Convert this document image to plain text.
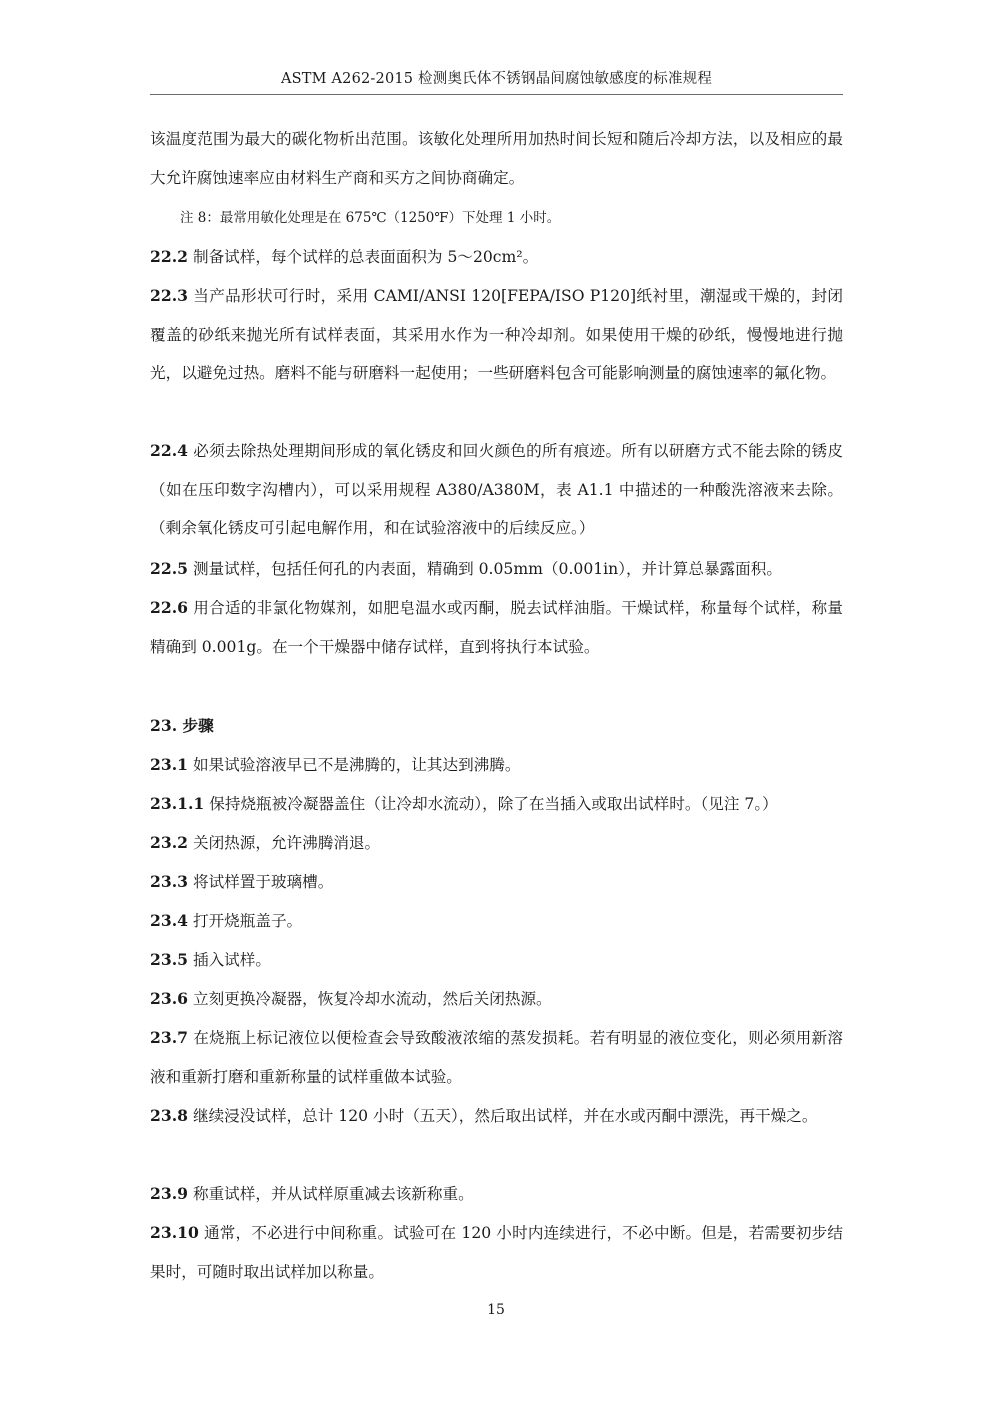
ASTM A262-2015 检测奥氏体不锈钢晶间腐蚀敏感度的标准规程
该温度范围为最大的碳化物析出范围。该敏化处理所用加热时间长短和随后冷却方法，以及相应的最大允许腐蚀速率应由材料生产商和买方之间协商确定。
注 8：最常用敏化处理是在 675℃（1250℉）下处理 1 小时。
22.2 制备试样，每个试样的总表面面积为 5～20cm²。
22.3 当产品形状可行时，采用 CAMI/ANSI 120[FEPA/ISO P120]纸衬里，潮湿或干燥的，封闭覆盖的砂纸来抛光所有试样表面，其采用水作为一种冷却剂。如果使用干燥的砂纸，慢慢地进行抛光，以避免过热。磨料不能与研磨料一起使用；一些研磨料包含可能影响测量的腐蚀速率的氟化物。
22.4 必须去除热处理期间形成的氧化锈皮和回火颜色的所有痕迹。所有以研磨方式不能去除的锈皮（如在压印数字沟槽内），可以采用规程 A380/A380M，表 A1.1 中描述的一种酸洗溶液来去除。（剩余氧化锈皮可引起电解作用，和在试验溶液中的后续反应。）
22.5 测量试样，包括任何孔的内表面，精确到 0.05mm（0.001in），并计算总暴露面积。
22.6 用合适的非氯化物媒剂，如肥皂温水或丙酮，脱去试样油脂。干燥试样，称量每个试样，称量精确到 0.001g。在一个干燥器中储存试样，直到将执行本试验。
23. 步骤
23.1 如果试验溶液早已不是沸腾的，让其达到沸腾。
23.1.1 保持烧瓶被冷凝器盖住（让冷却水流动），除了在当插入或取出试样时。（见注 7。）
23.2 关闭热源，允许沸腾消退。
23.3 将试样置于玻璃槽。
23.4 打开烧瓶盖子。
23.5 插入试样。
23.6 立刻更换冷凝器，恢复冷却水流动，然后关闭热源。
23.7 在烧瓶上标记液位以便检查会导致酸液浓缩的蒸发损耗。若有明显的液位变化，则必须用新溶液和重新打磨和重新称量的试样重做本试验。
23.8 继续浸没试样，总计 120 小时（五天），然后取出试样，并在水或丙酮中漂洗，再干燥之。
23.9 称重试样，并从试样原重减去该新称重。
23.10 通常，不必进行中间称重。试验可在 120 小时内连续进行，不必中断。但是，若需要初步结果时，可随时取出试样加以称量。
15
